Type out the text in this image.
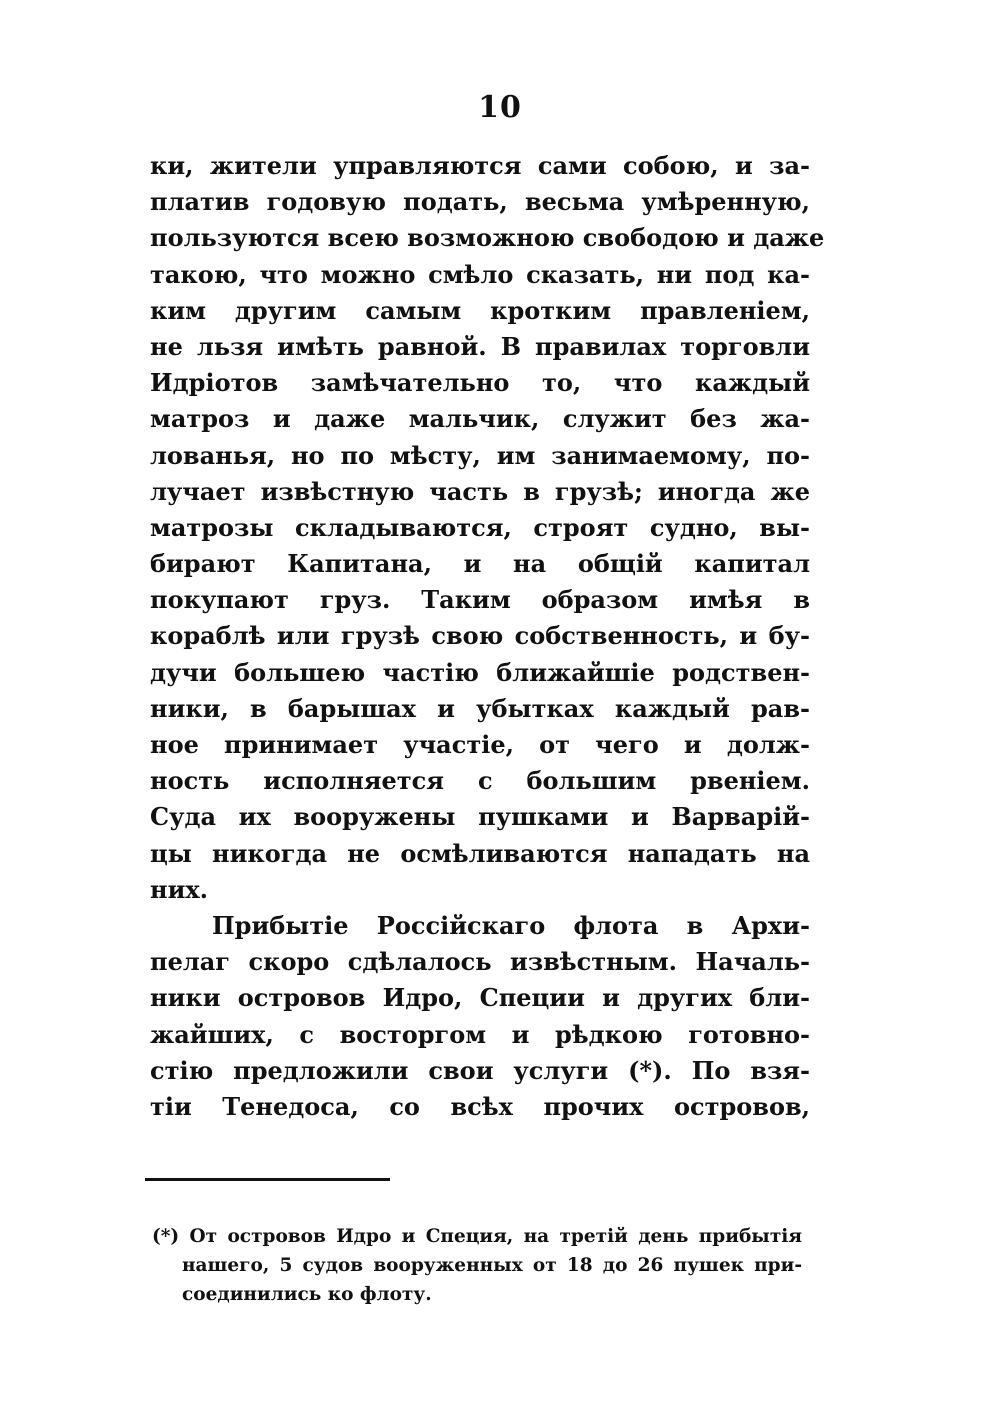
10
ки, жители управляются сами собою, и за-
платив годовую подать, весьма умѣренную,
пользуются всею возможною свободою и даже
такою, что можно смѣло сказать, ни под ка-
ким другим самым кротким правленіем,
не льзя имѣть равной. В правилах торговли
Идріотов замѣчательно то, что каждый
матроз и даже мальчик, служит без жа-
лованья, но по мѣсту, им занимаемому, по-
лучает извѣстную часть в грузѣ; иногда же
матрозы складываются, строят судно, вы-
бирают Капитана, и на общій капитал
покупают груз. Таким образом имѣя в
кораблѣ или грузѣ свою собственность, и бу-
дучи большею частію ближайшіе родствен-
ники, в барышах и убытках каждый рав-
ное принимает участіе, от чего и долж-
ность исполняется с большим рвеніем.
Суда их вооружены пушками и Варварій-
цы никогда не осмѣливаются нападать на
них.
Прибытіе Россійскаго флота в Архи-
пелаг скоро сдѣлалось извѣстным. Началь-
ники островов Идро, Специи и других бли-
жайших, с восторгом и рѣдкою готовно-
стію предложили свои услуги (*). По взя-
тіи Тенедоса, со всѣх прочих островов,
(*) От островов Идро и Специя, на третій день прибытія
нашего, 5 судов вооруженных от 18 до 26 пушек при-
соединились ко флоту.
